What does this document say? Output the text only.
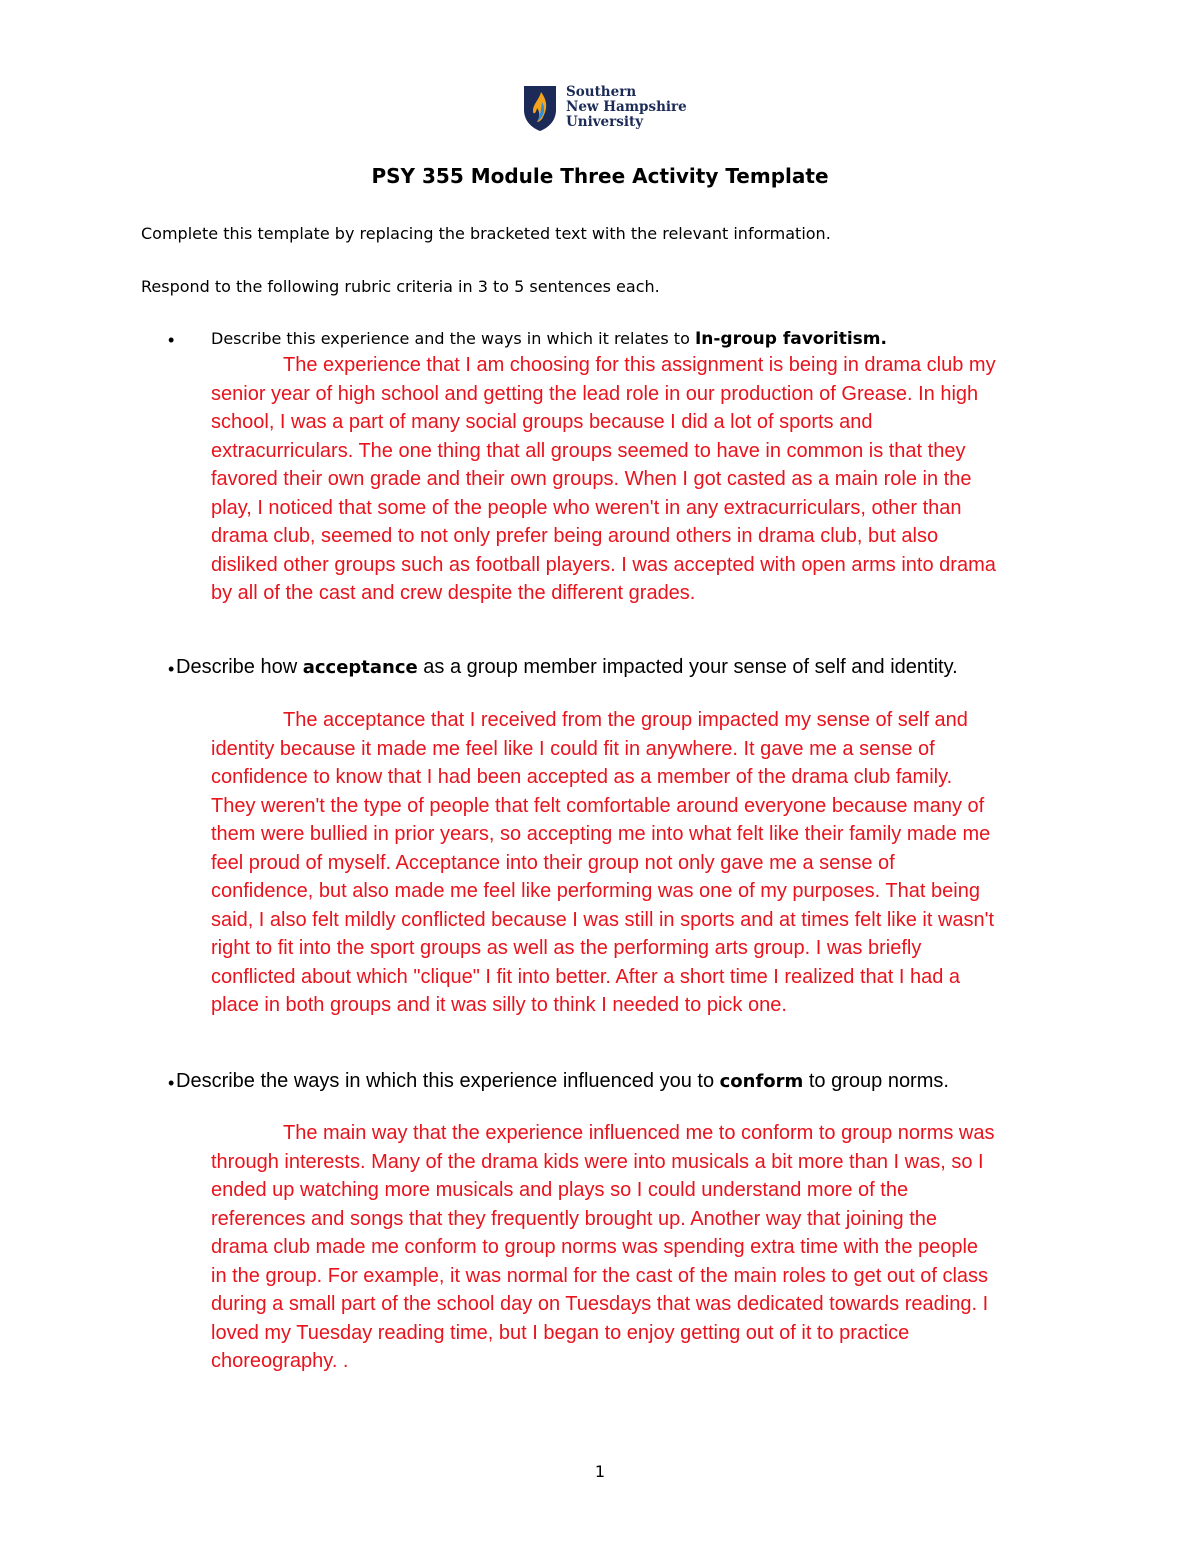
Southern
New Hampshire
University
PSY 355 Module Three Activity Template
Complete this template by replacing the bracketed text with the relevant information.
Respond to the following rubric criteria in 3 to 5 sentences each.
• Describe this experience and the ways in which it relates to In-group favoritism.
The experience that I am choosing for this assignment is being in drama club my
senior year of high school and getting the lead role in our production of Grease. In high
school, I was a part of many social groups because I did a lot of sports and
extracurriculars. The one thing that all groups seemed to have in common is that they
favored their own grade and their own groups. When I got casted as a main role in the
play, I noticed that some of the people who weren't in any extracurriculars, other than
drama club, seemed to not only prefer being around others in drama club, but also
disliked other groups such as football players. I was accepted with open arms into drama
by all of the cast and crew despite the different grades.
• Describe how acceptance as a group member impacted your sense of self and identity.
The acceptance that I received from the group impacted my sense of self and
identity because it made me feel like I could fit in anywhere. It gave me a sense of
confidence to know that I had been accepted as a member of the drama club family.
They weren't the type of people that felt comfortable around everyone because many of
them were bullied in prior years, so accepting me into what felt like their family made me
feel proud of myself. Acceptance into their group not only gave me a sense of
confidence, but also made me feel like performing was one of my purposes. That being
said, I also felt mildly conflicted because I was still in sports and at times felt like it wasn't
right to fit into the sport groups as well as the performing arts group. I was briefly
conflicted about which "clique" I fit into better. After a short time I realized that I had a
place in both groups and it was silly to think I needed to pick one.
• Describe the ways in which this experience influenced you to conform to group norms.
The main way that the experience influenced me to conform to group norms was
through interests. Many of the drama kids were into musicals a bit more than I was, so I
ended up watching more musicals and plays so I could understand more of the
references and songs that they frequently brought up. Another way that joining the
drama club made me conform to group norms was spending extra time with the people
in the group. For example, it was normal for the cast of the main roles to get out of class
during a small part of the school day on Tuesdays that was dedicated towards reading. I
loved my Tuesday reading time, but I began to enjoy getting out of it to practice
choreography. .
1
